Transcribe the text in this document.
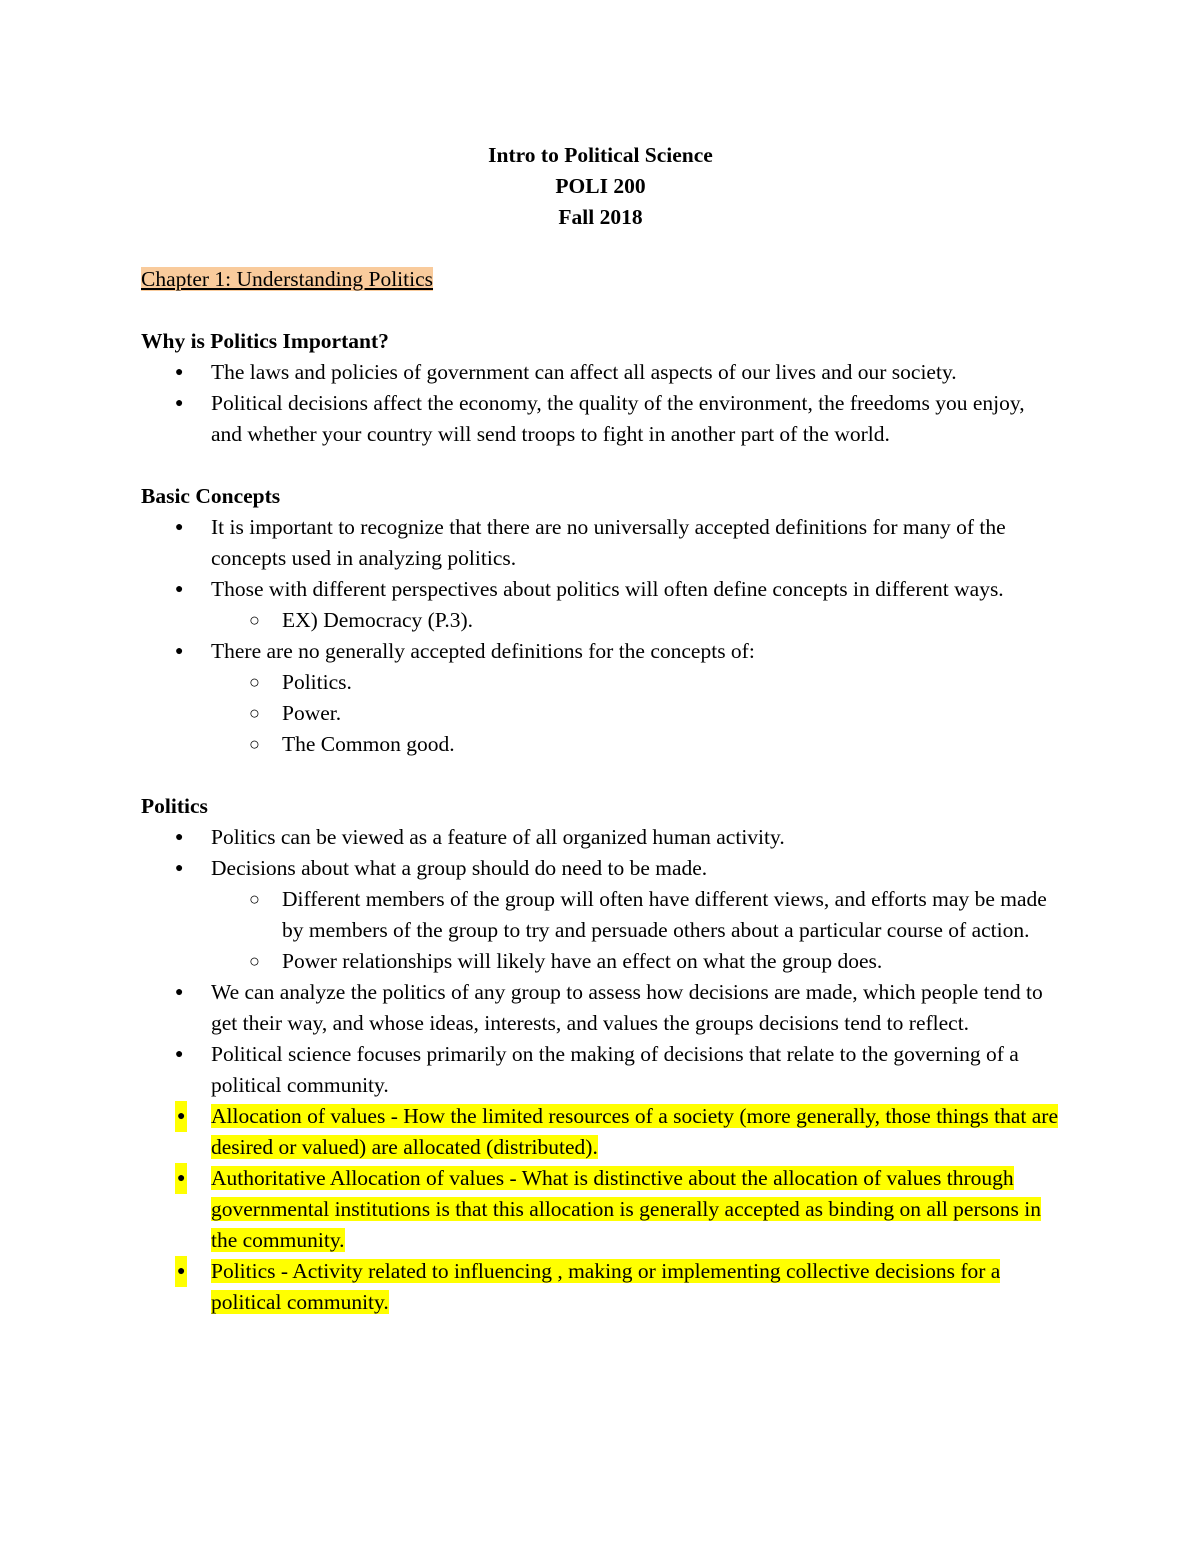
Intro to Political Science
POLI 200
Fall 2018
Chapter 1: Understanding Politics
Why is Politics Important?
● The laws and policies of government can affect all aspects of our lives and our society.
● Political decisions affect the economy, the quality of the environment, the freedoms you enjoy, and whether your country will send troops to fight in another part of the world.
Basic Concepts
● It is important to recognize that there are no universally accepted definitions for many of the concepts used in analyzing politics.
● Those with different perspectives about politics will often define concepts in different ways.
○ EX) Democracy (P.3).
● There are no generally accepted definitions for the concepts of:
○ Politics.
○ Power.
○ The Common good.
Politics
● Politics can be viewed as a feature of all organized human activity.
● Decisions about what a group should do need to be made.
○ Different members of the group will often have different views, and efforts may be made by members of the group to try and persuade others about a particular course of action.
○ Power relationships will likely have an effect on what the group does.
● We can analyze the politics of any group to assess how decisions are made, which people tend to get their way, and whose ideas, interests, and values the groups decisions tend to reflect.
● Political science focuses primarily on the making of decisions that relate to the governing of a political community.
● Allocation of values - How the limited resources of a society (more generally, those things that are desired or valued) are allocated (distributed).
● Authoritative Allocation of values - What is distinctive about the allocation of values through governmental institutions is that this allocation is generally accepted as binding on all persons in the community.
● Politics - Activity related to influencing , making or implementing collective decisions for a political community.
